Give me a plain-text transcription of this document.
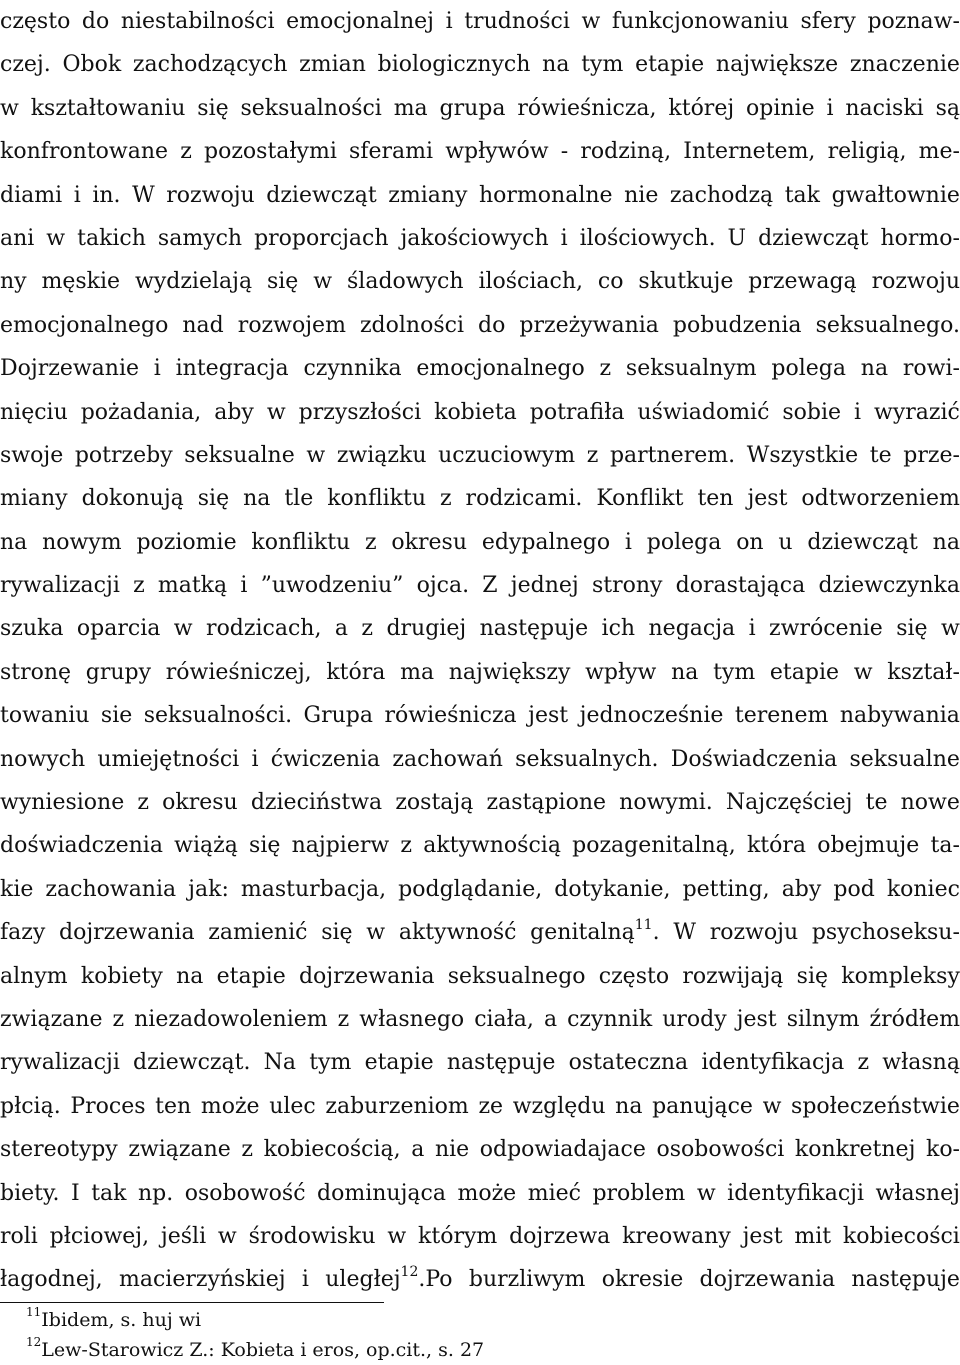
często do niestabilności emocjonalnej i trudności w funkcjonowaniu sfery poznaw-
czej. Obok zachodzących zmian biologicznych na tym etapie największe znaczenie
w kształtowaniu się seksualności ma grupa rówieśnicza, której opinie i naciski są
konfrontowane z pozostałymi sferami wpływów - rodziną, Internetem, religią, me-
diami i in. W rozwoju dziewcząt zmiany hormonalne nie zachodzą tak gwałtownie
ani w takich samych proporcjach jakościowych i ilościowych. U dziewcząt hormo-
ny męskie wydzielają się w śladowych ilościach, co skutkuje przewagą rozwoju
emocjonalnego nad rozwojem zdolności do przeżywania pobudzenia seksualnego.
Dojrzewanie i integracja czynnika emocjonalnego z seksualnym polega na rowi-
nięciu pożadania, aby w przyszłości kobieta potrafiła uświadomić sobie i wyrazić
swoje potrzeby seksualne w związku uczuciowym z partnerem. Wszystkie te prze-
miany dokonują się na tle konfliktu z rodzicami. Konflikt ten jest odtworzeniem
na nowym poziomie konfliktu z okresu edypalnego i polega on u dziewcząt na
rywalizacji z matką i ”uwodzeniu” ojca. Z jednej strony dorastająca dziewczynka
szuka oparcia w rodzicach, a z drugiej następuje ich negacja i zwrócenie się w
stronę grupy rówieśniczej, która ma największy wpływ na tym etapie w kształ-
towaniu sie seksualności. Grupa rówieśnicza jest jednocześnie terenem nabywania
nowych umiejętności i ćwiczenia zachowań seksualnych. Doświadczenia seksualne
wyniesione z okresu dzieciństwa zostają zastąpione nowymi. Najczęściej te nowe
doświadczenia wiążą się najpierw z aktywnością pozagenitalną, która obejmuje ta-
kie zachowania jak: masturbacja, podglądanie, dotykanie, petting, aby pod koniec
fazy dojrzewania zamienić się w aktywność genitalną$^{11}$. W rozwoju psychoseksu-
alnym kobiety na etapie dojrzewania seksualnego często rozwijają się kompleksy
związane z niezadowoleniem z własnego ciała, a czynnik urody jest silnym źródłem
rywalizacji dziewcząt. Na tym etapie następuje ostateczna identyfikacja z własną
płcią. Proces ten może ulec zaburzeniom ze względu na panujące w społeczeństwie
stereotypy związane z kobiecością, a nie odpowiadajace osobowości konkretnej ko-
biety. I tak np. osobowość dominująca może mieć problem w identyfikacji własnej
roli płciowej, jeśli w środowisku w którym dojrzewa kreowany jest mit kobiecości
łagodnej, macierzyńskiej i uległej$^{12}$.Po burzliwym okresie dojrzewania następuje
$^{11}$Ibidem, s. huj wi
$^{12}$Lew-Starowicz Z.: Kobieta i eros, op.cit., s. 27
